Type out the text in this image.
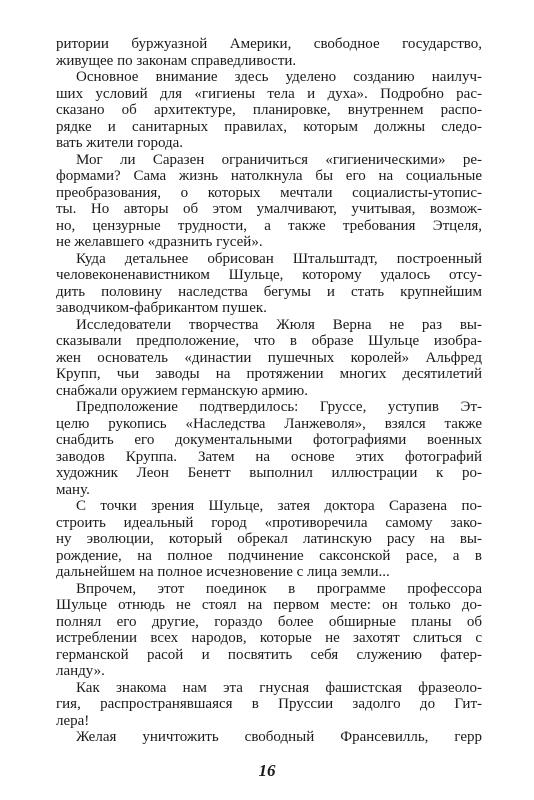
ритории буржуазной Америки, свободное государство,
живущее по законам справедливости.
Основное внимание здесь уделено созданию наилуч-
ших условий для «гигиены тела и духа». Подробно рас-
сказано об архитектуре, планировке, внутреннем распо-
рядке и санитарных правилах, которым должны следо-
вать жители города.
Мог ли Саразен ограничиться «гигиеническими» ре-
формами? Сама жизнь натолкнула бы его на социальные
преобразования, о которых мечтали социалисты-утопис-
ты. Но авторы об этом умалчивают, учитывая, возмож-
но, цензурные трудности, а также требования Этцеля,
не желавшего «дразнить гусей».
Куда детальнее обрисован Штальштадт, построенный
человеконенавистником Шульце, которому удалось отсу-
дить половину наследства бегумы и стать крупнейшим
заводчиком-фабрикантом пушек.
Исследователи творчества Жюля Верна не раз вы-
сказывали предположение, что в образе Шульце изобра-
жен основатель «династии пушечных королей» Альфред
Крупп, чьи заводы на протяжении многих десятилетий
снабжали оружием германскую армию.
Предположение подтвердилось: Груссе, уступив Эт-
целю рукопись «Наследства Ланжеволя», взялся также
снабдить его документальными фотографиями военных
заводов Круппа. Затем на основе этих фотографий
художник Леон Бенетт выполнил иллюстрации к ро-
ману.
С точки зрения Шульце, затея доктора Саразена по-
строить идеальный город «противоречила самому зако-
ну эволюции, который обрекал латинскую расу на вы-
рождение, на полное подчинение саксонской расе, а в
дальнейшем на полное исчезновение с лица земли...
Впрочем, этот поединок в программе профессора
Шульце отнюдь не стоял на первом месте: он только до-
полнял его другие, гораздо более обширные планы об
истреблении всех народов, которые не захотят слиться с
германской расой и посвятить себя служению фатер-
ланду».
Как знакома нам эта гнусная фашистская фразеоло-
гия, распространявшаяся в Пруссии задолго до Гит-
лера!
Желая уничтожить свободный Франсевилль, герр
16
